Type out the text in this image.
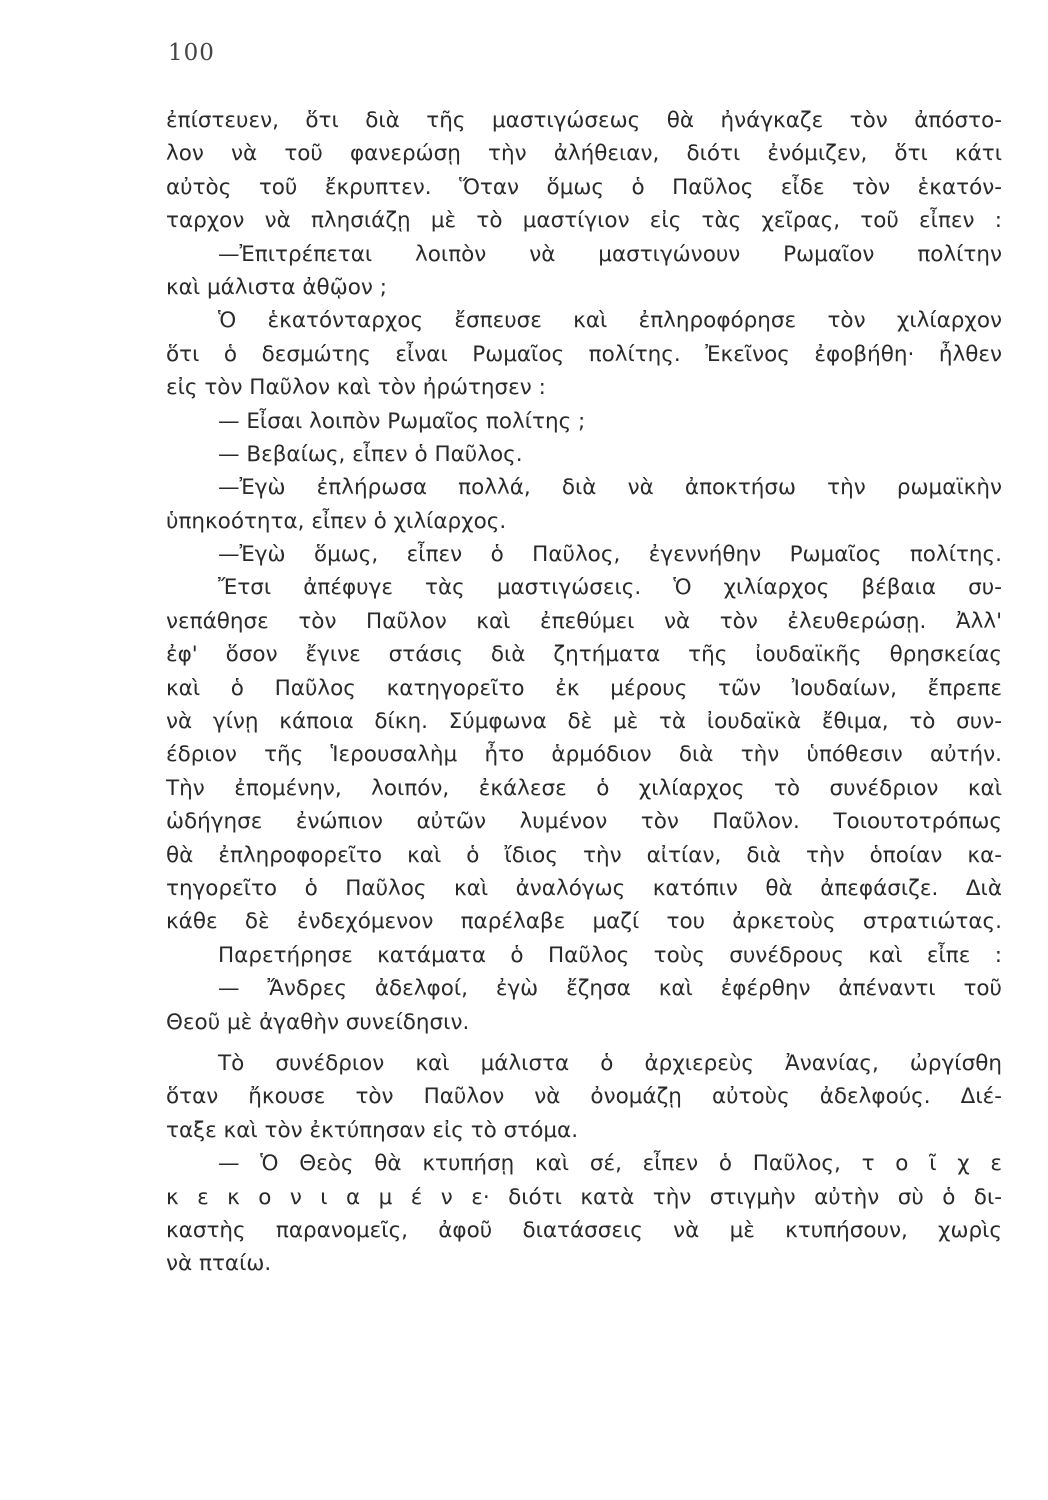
100
ἐπίστευεν, ὅτι διὰ τῆς μαστιγώσεως θὰ ἠνάγκαζε τὸν ἀπόστο-
λον νὰ τοῦ φανερώσῃ τὴν ἀλήθειαν, διότι ἐνόμιζεν, ὅτι κάτι
αὐτὸς τοῦ ἔκρυπτεν. Ὅταν ὅμως ὁ Παῦλος εἶδε τὸν ἑκατόν-
ταρχον νὰ πλησιάζῃ μὲ τὸ μαστίγιον εἰς τὰς χεῖρας, τοῦ εἶπεν :
—Ἐπιτρέπεται λοιπὸν νὰ μαστιγώνουν Ρωμαῖον πολίτην
καὶ μάλιστα ἀθῷον ;
Ὁ ἑκατόνταρχος ἔσπευσε καὶ ἐπληροφόρησε τὸν χιλίαρχον
ὅτι ὁ δεσμώτης εἶναι Ρωμαῖος πολίτης. Ἐκεῖνος ἐφοβήθη· ἦλθεν
εἰς τὸν Παῦλον καὶ τὸν ἠρώτησεν :
— Εἶσαι λοιπὸν Ρωμαῖος πολίτης ;
— Βεβαίως, εἶπεν ὁ Παῦλος.
—Ἐγὼ ἐπλήρωσα πολλά, διὰ νὰ ἀποκτήσω τὴν ρωμαϊκὴν
ὑπηκοότητα, εἶπεν ὁ χιλίαρχος.
—Ἐγὼ ὅμως, εἶπεν ὁ Παῦλος, ἐγεννήθην Ρωμαῖος πολίτης.
Ἔτσι ἀπέφυγε τὰς μαστιγώσεις. Ὁ χιλίαρχος βέβαια συ-
νεπάθησε τὸν Παῦλον καὶ ἐπεθύμει νὰ τὸν ἐλευθερώσῃ. Ἀλλ'
ἐφ' ὅσον ἔγινε στάσις διὰ ζητήματα τῆς ἰουδαϊκῆς θρησκείας
καὶ ὁ Παῦλος κατηγορεῖτο ἐκ μέρους τῶν Ἰουδαίων, ἔπρεπε
νὰ γίνῃ κάποια δίκη. Σύμφωνα δὲ μὲ τὰ ἰουδαϊκὰ ἔθιμα, τὸ συν-
έδριον τῆς Ἱερουσαλὴμ ἦτο ἁρμόδιον διὰ τὴν ὑπόθεσιν αὐτήν.
Τὴν ἐπομένην, λοιπόν, ἐκάλεσε ὁ χιλίαρχος τὸ συνέδριον καὶ
ὡδήγησε ἐνώπιον αὐτῶν λυμένον τὸν Παῦλον. Τοιουτοτρόπως
θὰ ἐπληροφορεῖτο καὶ ὁ ἴδιος τὴν αἰτίαν, διὰ τὴν ὁποίαν κα-
τηγορεῖτο ὁ Παῦλος καὶ ἀναλόγως κατόπιν θὰ ἀπεφάσιζε. Διὰ
κάθε δὲ ἐνδεχόμενον παρέλαβε μαζί του ἀρκετοὺς στρατιώτας.
Παρετήρησε κατάματα ὁ Παῦλος τοὺς συνέδρους καὶ εἶπε :
— Ἄνδρες ἀδελφοί, ἐγὼ ἔζησα καὶ ἐφέρθην ἀπέναντι τοῦ
Θεοῦ μὲ ἀγαθὴν συνείδησιν.
Τὸ συνέδριον καὶ μάλιστα ὁ ἀρχιερεὺς Ἀνανίας, ὠργίσθη
ὅταν ἤκουσε τὸν Παῦλον νὰ ὀνομάζῃ αὐτοὺς ἀδελφούς. Διέ-
ταξε καὶ τὸν ἐκτύπησαν εἰς τὸ στόμα.
— Ὁ Θεὸς θὰ κτυπήσῃ καὶ σέ, εἶπεν ὁ Παῦλος, τ ο ῖ χ ε
κ ε κ ο ν ι α μ έ ν ε· διότι κατὰ τὴν στιγμὴν αὐτὴν σὺ ὁ δι-
καστὴς παρανομεῖς, ἀφοῦ διατάσσεις νὰ μὲ κτυπήσουν, χωρὶς
νὰ πταίω.
